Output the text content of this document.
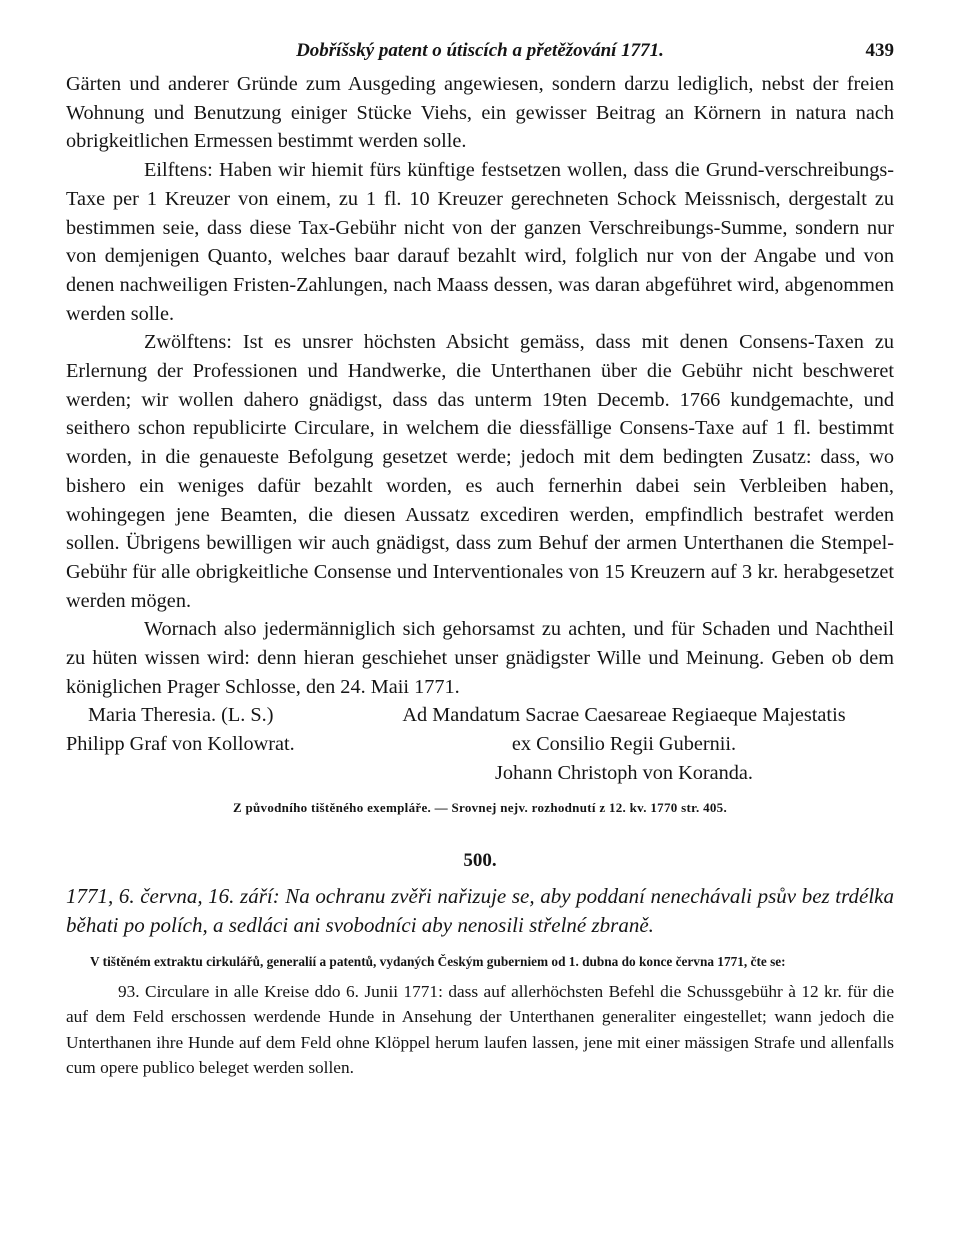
Dobříšský patent o útiscích a přetěžování 1771.	439

Gärten und anderer Gründe zum Ausgeding angewiesen, sondern darzu lediglich, nebst der freien Wohnung und Benutzung einiger Stücke Viehs, ein gewisser Beitrag an Körnern in natura nach obrigkeitlichen Ermessen bestimmt werden solle.

Eilftens: Haben wir hiemit fürs künftige festsetzen wollen, dass die Grund-verschreibungs-Taxe per 1 Kreuzer von einem, zu 1 fl. 10 Kreuzer gerechneten Schock Meissnisch, dergestalt zu bestimmen seie, dass diese Tax-Gebühr nicht von der ganzen Verschreibungs-Summe, sondern nur von demjenigen Quanto, welches baar darauf bezahlt wird, folglich nur von der Angabe und von denen nachweiligen Fristen-Zahlungen, nach Maass dessen, was daran abgeführet wird, abgenommen werden solle.

Zwölftens: Ist es unsrer höchsten Absicht gemäss, dass mit denen Consens-Taxen zu Erlernung der Professionen und Handwerke, die Unterthanen über die Gebühr nicht beschweret werden; wir wollen dahero gnädigst, dass das unterm 19ten Decemb. 1766 kundgemachte, und seithero schon republicirte Circulare, in welchem die diessfällige Consens-Taxe auf 1 fl. bestimmt worden, in die genaueste Befolgung gesetzet werde; jedoch mit dem bedingten Zusatz: dass, wo bishero ein weniges dafür bezahlt worden, es auch fernerhin dabei sein Verbleiben haben, wohingegen jene Beamten, die diesen Aussatz excediren werden, empfindlich bestrafet werden sollen. Übrigens bewilligen wir auch gnädigst, dass zum Behuf der armen Unterthanen die Stempel-Gebühr für alle obrigkeitliche Consense und Interventionales von 15 Kreuzern auf 3 kr. herabgesetzet werden mögen.

Wornach also jedermänniglich sich gehorsamst zu achten, und für Schaden und Nachtheil zu hüten wissen wird: denn hieran geschiehet unser gnädigster Wille und Meinung. Geben ob dem königlichen Prager Schlosse, den 24. Maii 1771.

Maria Theresia. (L. S.)
Philipp Graf von Kollowrat.
Ad Mandatum Sacrae Caesareae Regiaeque Majestatis
ex Consilio Regii Gubernii.
Johann Christoph von Koranda.

Z původního tištěného exempláře. — Srovnej nejv. rozhodnutí z 12. kv. 1770 str. 405.

500.

1771, 6. června, 16. září: Na ochranu zvěři nařizuje se, aby poddaní nenechávali psův bez trdélka běhati po polích, a sedláci ani svobodníci aby nenosili střelné zbraně.

V tištěném extraktu cirkulářů, generalií a patentů, vydaných Českým guberniem od 1. dubna do konce června 1771, čte se:

93. Circulare in alle Kreise ddo 6. Junii 1771: dass auf allerhöchsten Befehl die Schussgebühr à 12 kr. für die auf dem Feld erschossen werdende Hunde in Ansehung der Unterthanen generaliter eingestellet; wann jedoch die Unterthanen ihre Hunde auf dem Feld ohne Klöppel herum laufen lassen, jene mit einer mässigen Strafe und allenfalls cum opere publico beleget werden sollen.
